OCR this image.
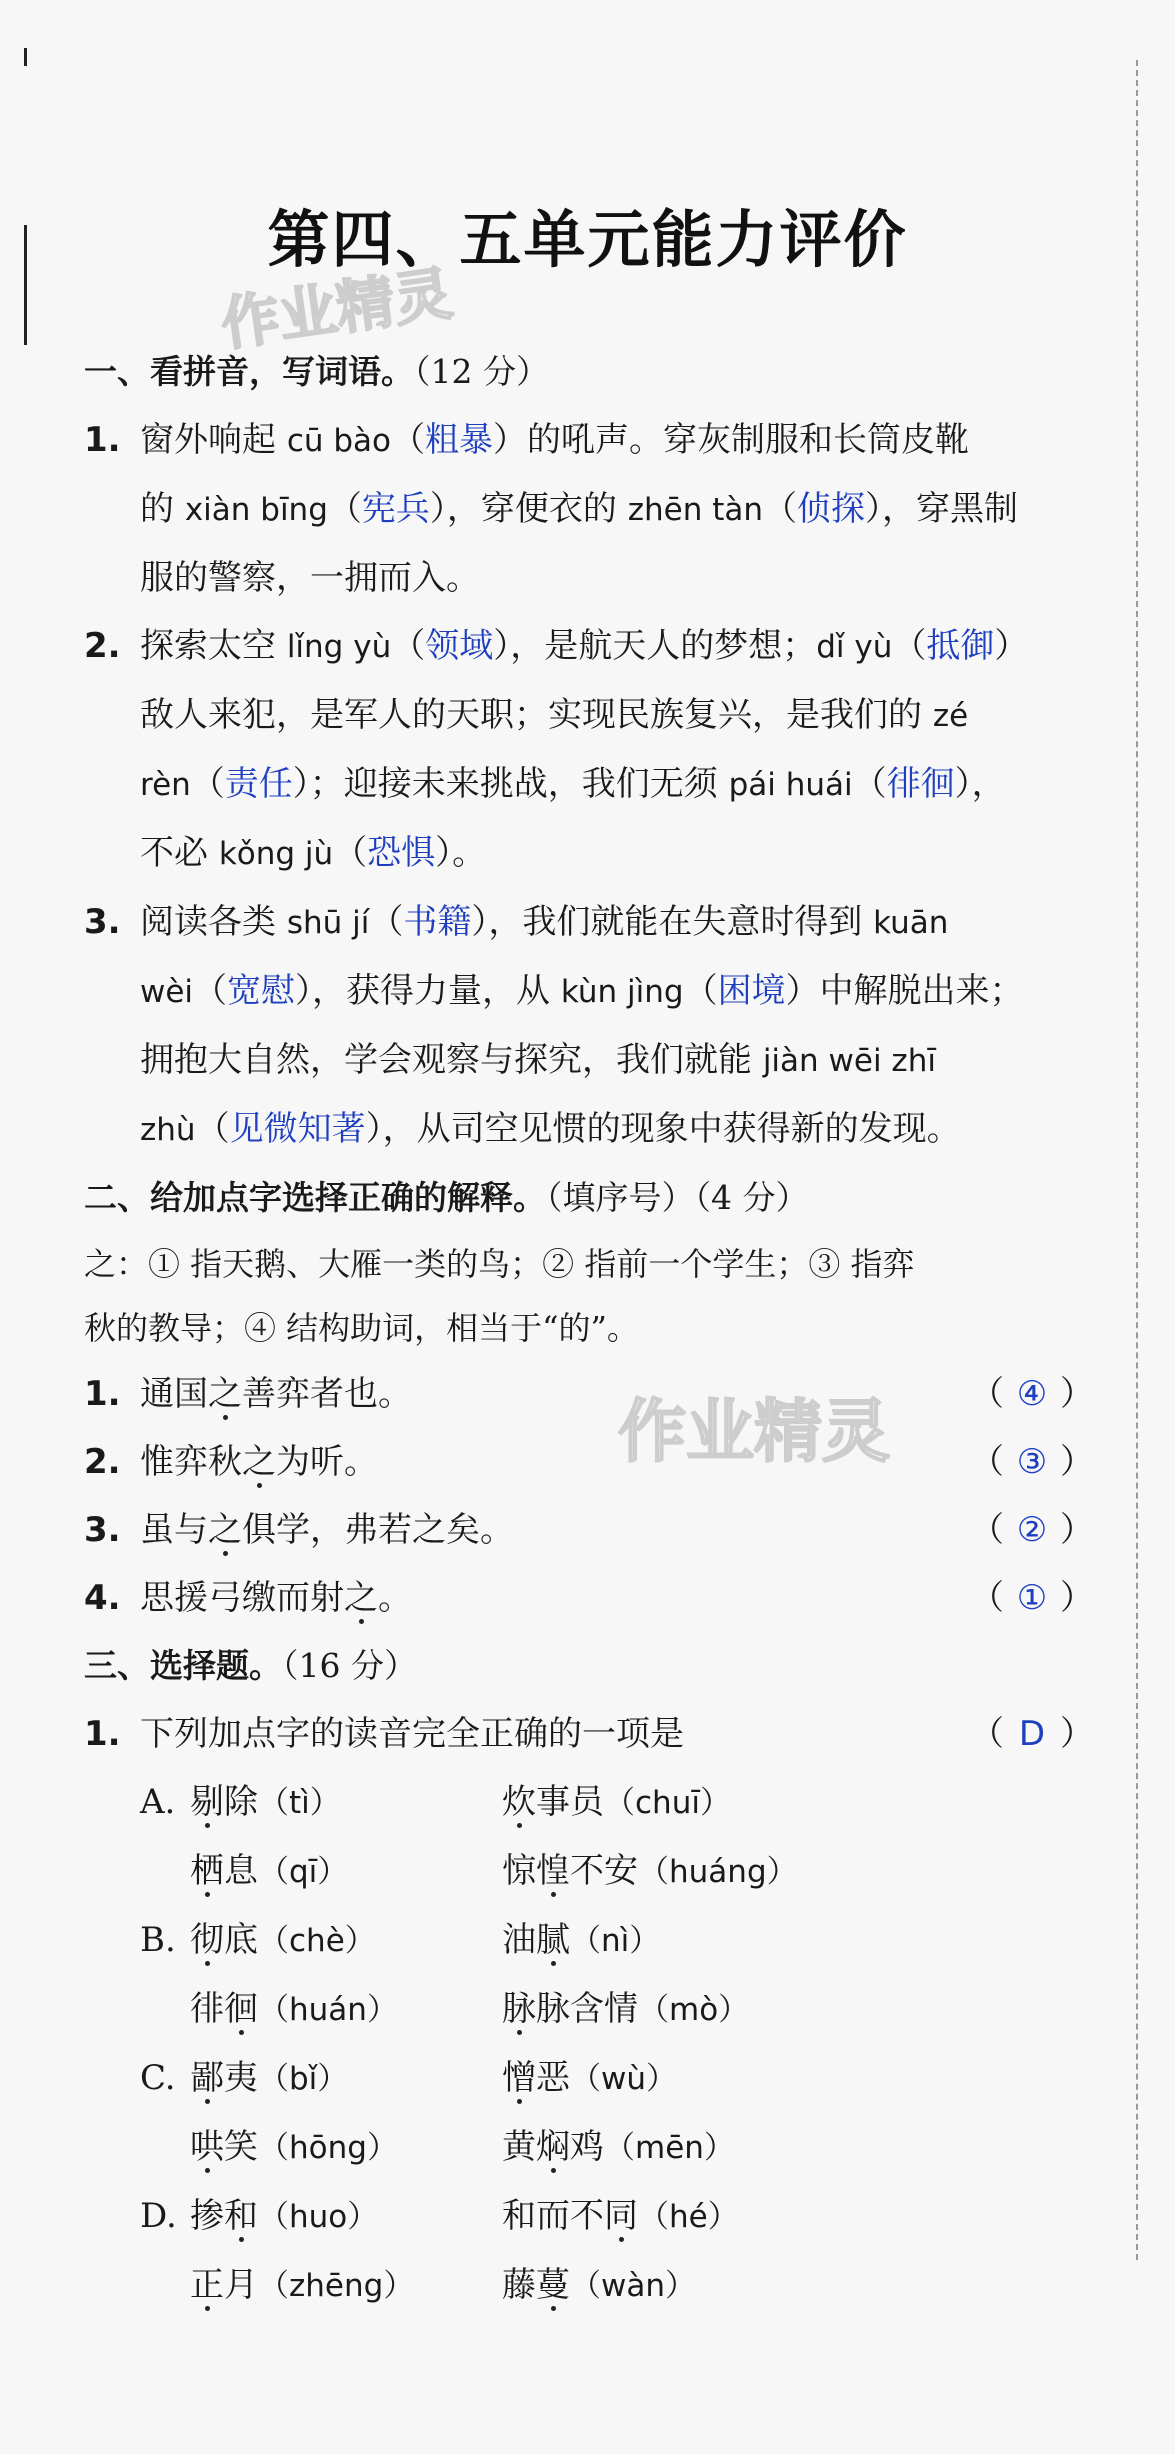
第四、五单元能力评价
作业精灵
作业精灵
一、看拼音，写词语。（12 分）
1. 窗外响起 cū bào（粗暴）的吼声。穿灰制服和长筒皮靴
的 xiàn bīng（宪兵），穿便衣的 zhēn tàn（侦探），穿黑制
服的警察，一拥而入。
2. 探索太空 lǐng yù（领域），是航天人的梦想；dǐ yù（抵御）
敌人来犯，是军人的天职；实现民族复兴，是我们的 zé
rèn（责任）；迎接未来挑战，我们无须 pái huái（徘徊），
不必 kǒng jù（恐惧）。
3. 阅读各类 shū jí（书籍），我们就能在失意时得到 kuān
wèi（宽慰），获得力量，从 kùn jìng（困境）中解脱出来；
拥抱大自然，学会观察与探究，我们就能 jiàn wēi zhī
zhù（见微知著），从司空见惯的现象中获得新的发现。
二、给加点字选择正确的解释。（填序号）（4 分）
之：① 指天鹅、大雁一类的鸟；② 指前一个学生；③ 指弈
秋的教导；④ 结构助词，相当于“的”。
1. 通国之善弈者也。	（ ④ ）
2. 惟弈秋之为听。	（ ③ ）
3. 虽与之俱学，弗若之矣。	（ ② ）
4. 思援弓缴而射之。	（ ① ）
三、选择题。（16 分）
1. 下列加点字的读音完全正确的一项是	（ D ）
A. 剔除（tì）	炊事员（chuī）
栖息（qī）	惊惶不安（huáng）
B. 彻底（chè）	油腻（nì）
徘徊（huán）	脉脉含情（mò）
C. 鄙夷（bǐ）	憎恶（wù）
哄笑（hōng）	黄焖鸡（mēn）
D. 掺和（huo）	和而不同（hé）
正月（zhēng）	藤蔓（wàn）
